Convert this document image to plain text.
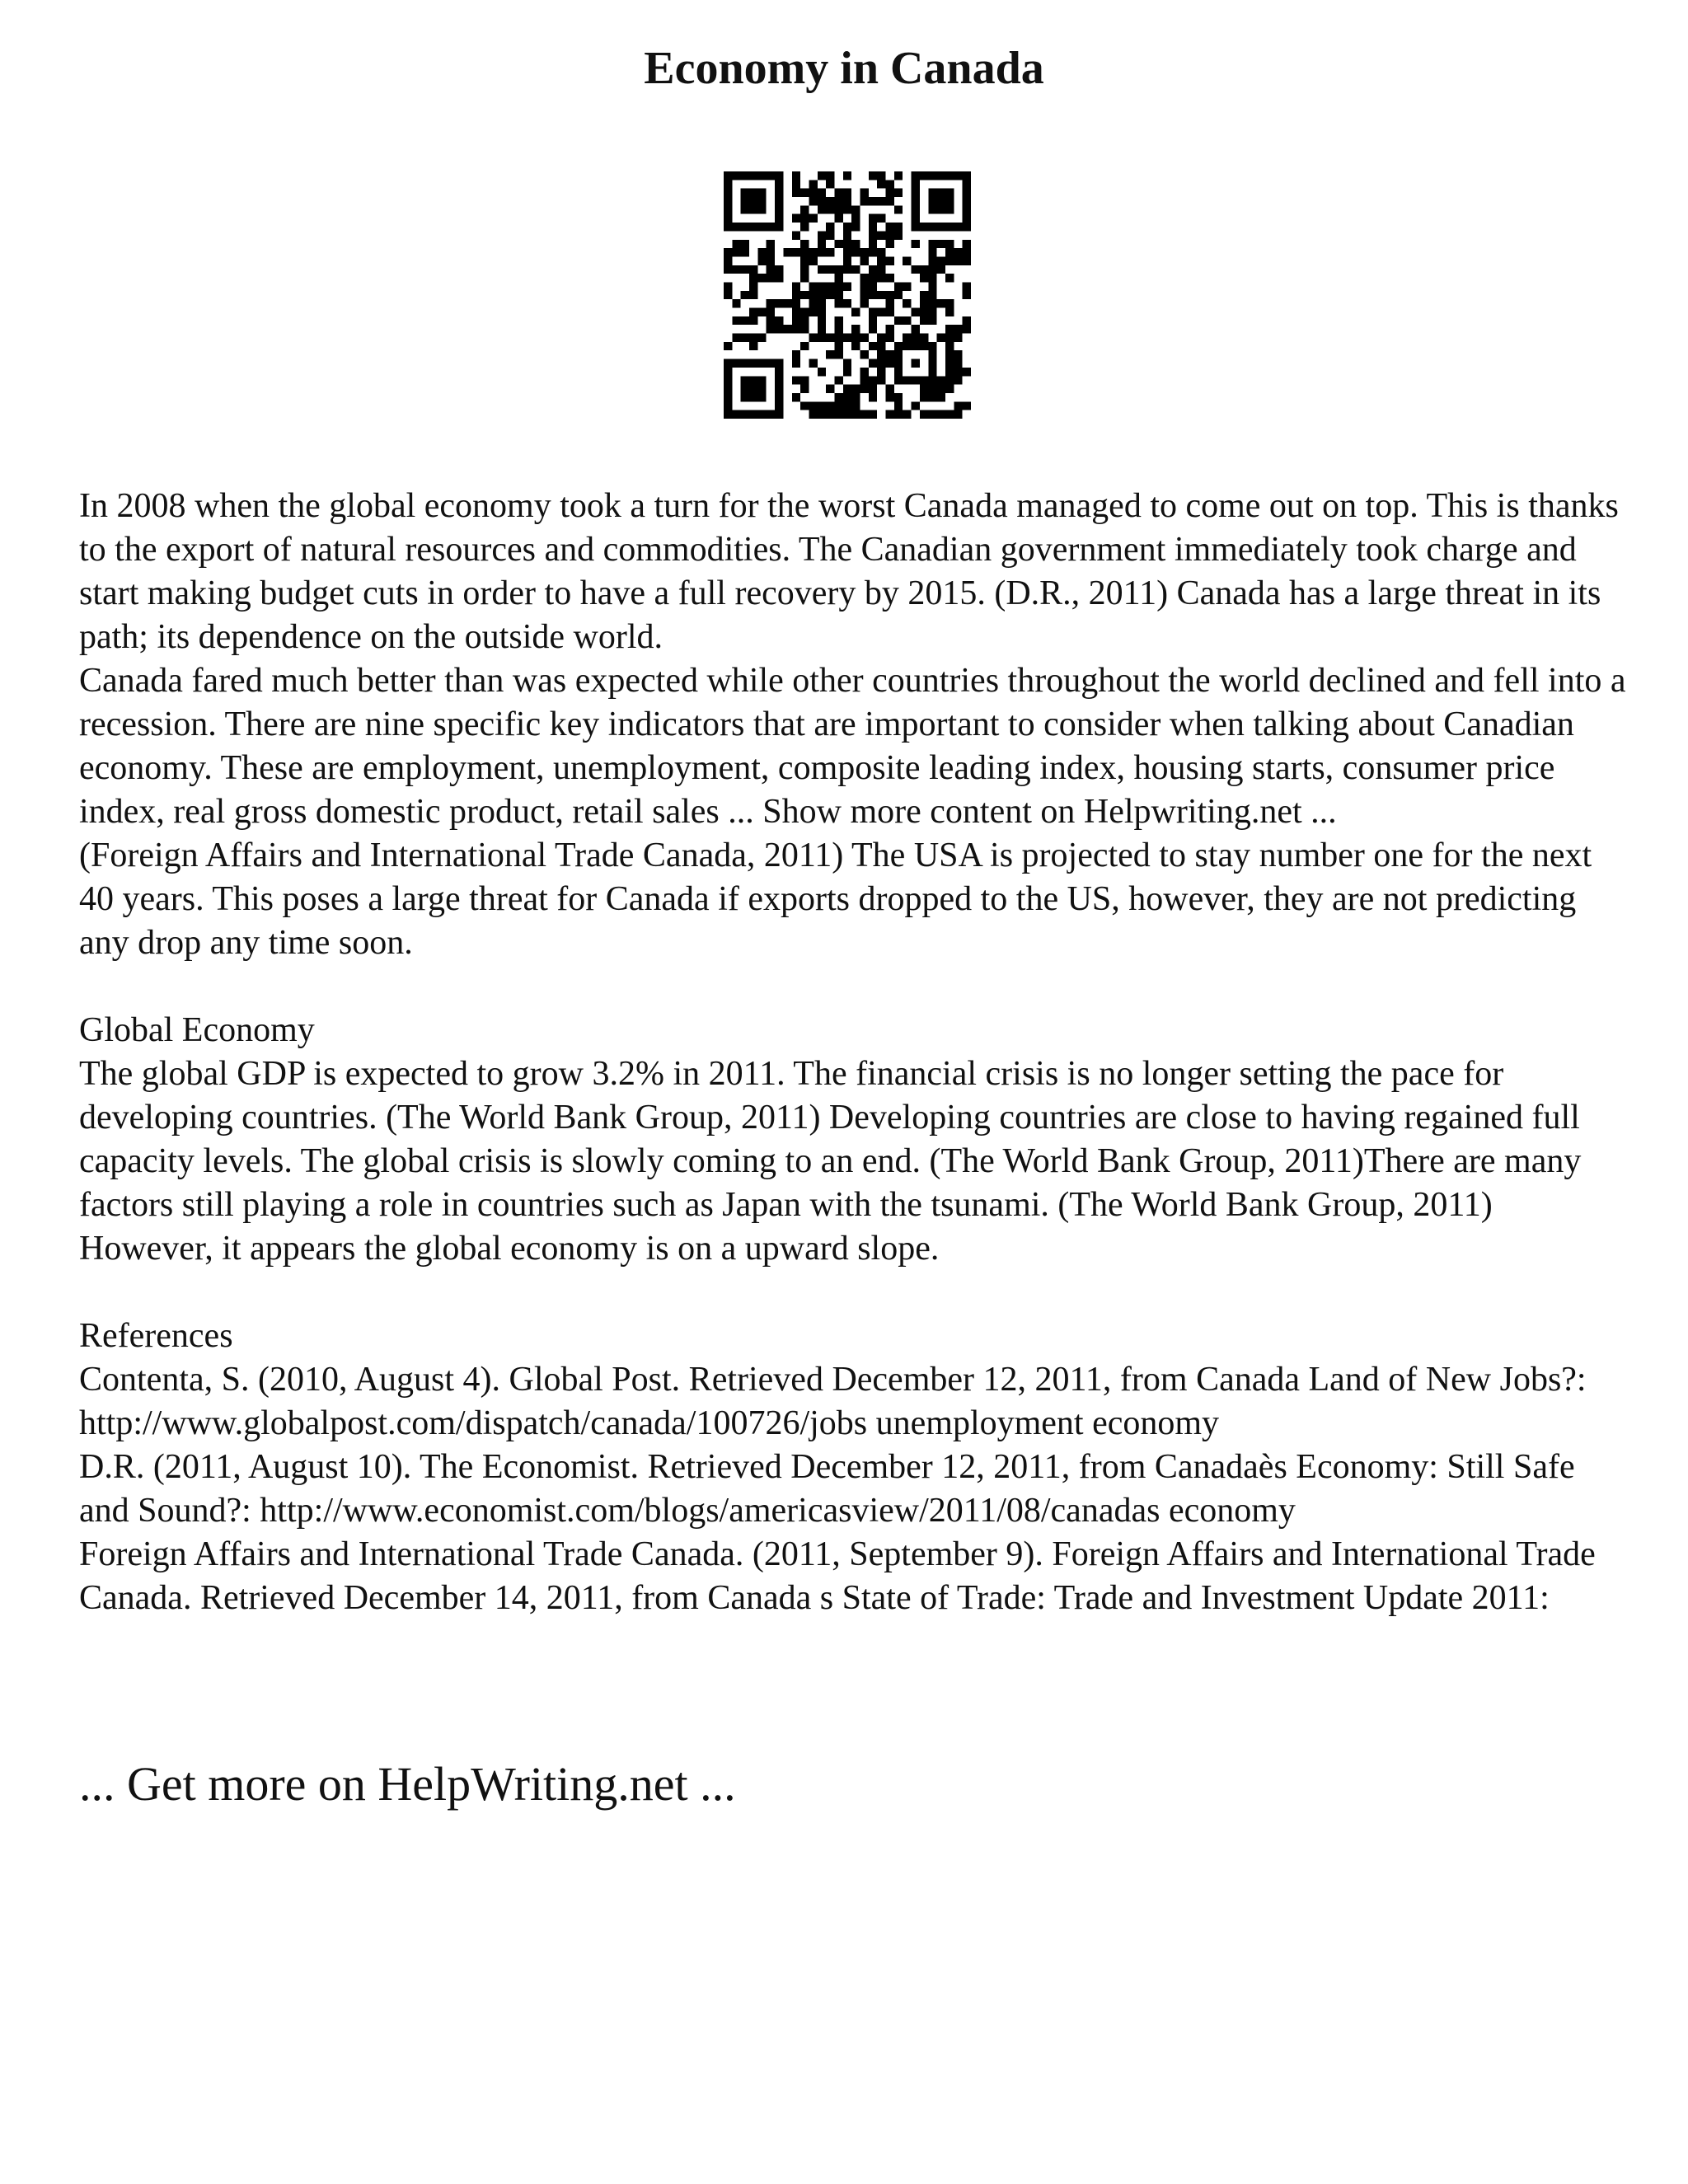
Economy in Canada

In 2008 when the global economy took a turn for the worst Canada managed to come out on top. This is thanks to the export of natural resources and commodities. The Canadian government immediately took charge and start making budget cuts in order to have a full recovery by 2015. (D.R., 2011) Canada has a large threat in its path; its dependence on the outside world.

Canada fared much better than was expected while other countries throughout the world declined and fell into a recession. There are nine specific key indicators that are important to consider when talking about Canadian economy. These are employment, unemployment, composite leading index, housing starts, consumer price index, real gross domestic product, retail sales ... Show more content on Helpwriting.net ...

(Foreign Affairs and International Trade Canada, 2011) The USA is projected to stay number one for the next 40 years. This poses a large threat for Canada if exports dropped to the US, however, they are not predicting any drop any time soon.

Global Economy

The global GDP is expected to grow 3.2% in 2011. The financial crisis is no longer setting the pace for developing countries. (The World Bank Group, 2011) Developing countries are close to having regained full capacity levels. The global crisis is slowly coming to an end. (The World Bank Group, 2011)There are many factors still playing a role in countries such as Japan with the tsunami. (The World Bank Group, 2011) However, it appears the global economy is on a upward slope.

References

Contenta, S. (2010, August 4). Global Post. Retrieved December 12, 2011, from Canada Land of New Jobs?: http://www.globalpost.com/dispatch/canada/100726/jobs unemployment economy

D.R. (2011, August 10). The Economist. Retrieved December 12, 2011, from Canadaès Economy: Still Safe and Sound?: http://www.economist.com/blogs/americasview/2011/08/canadas economy

Foreign Affairs and International Trade Canada. (2011, September 9). Foreign Affairs and International Trade Canada. Retrieved December 14, 2011, from Canada s State of Trade: Trade and Investment Update 2011:

... Get more on HelpWriting.net ...
